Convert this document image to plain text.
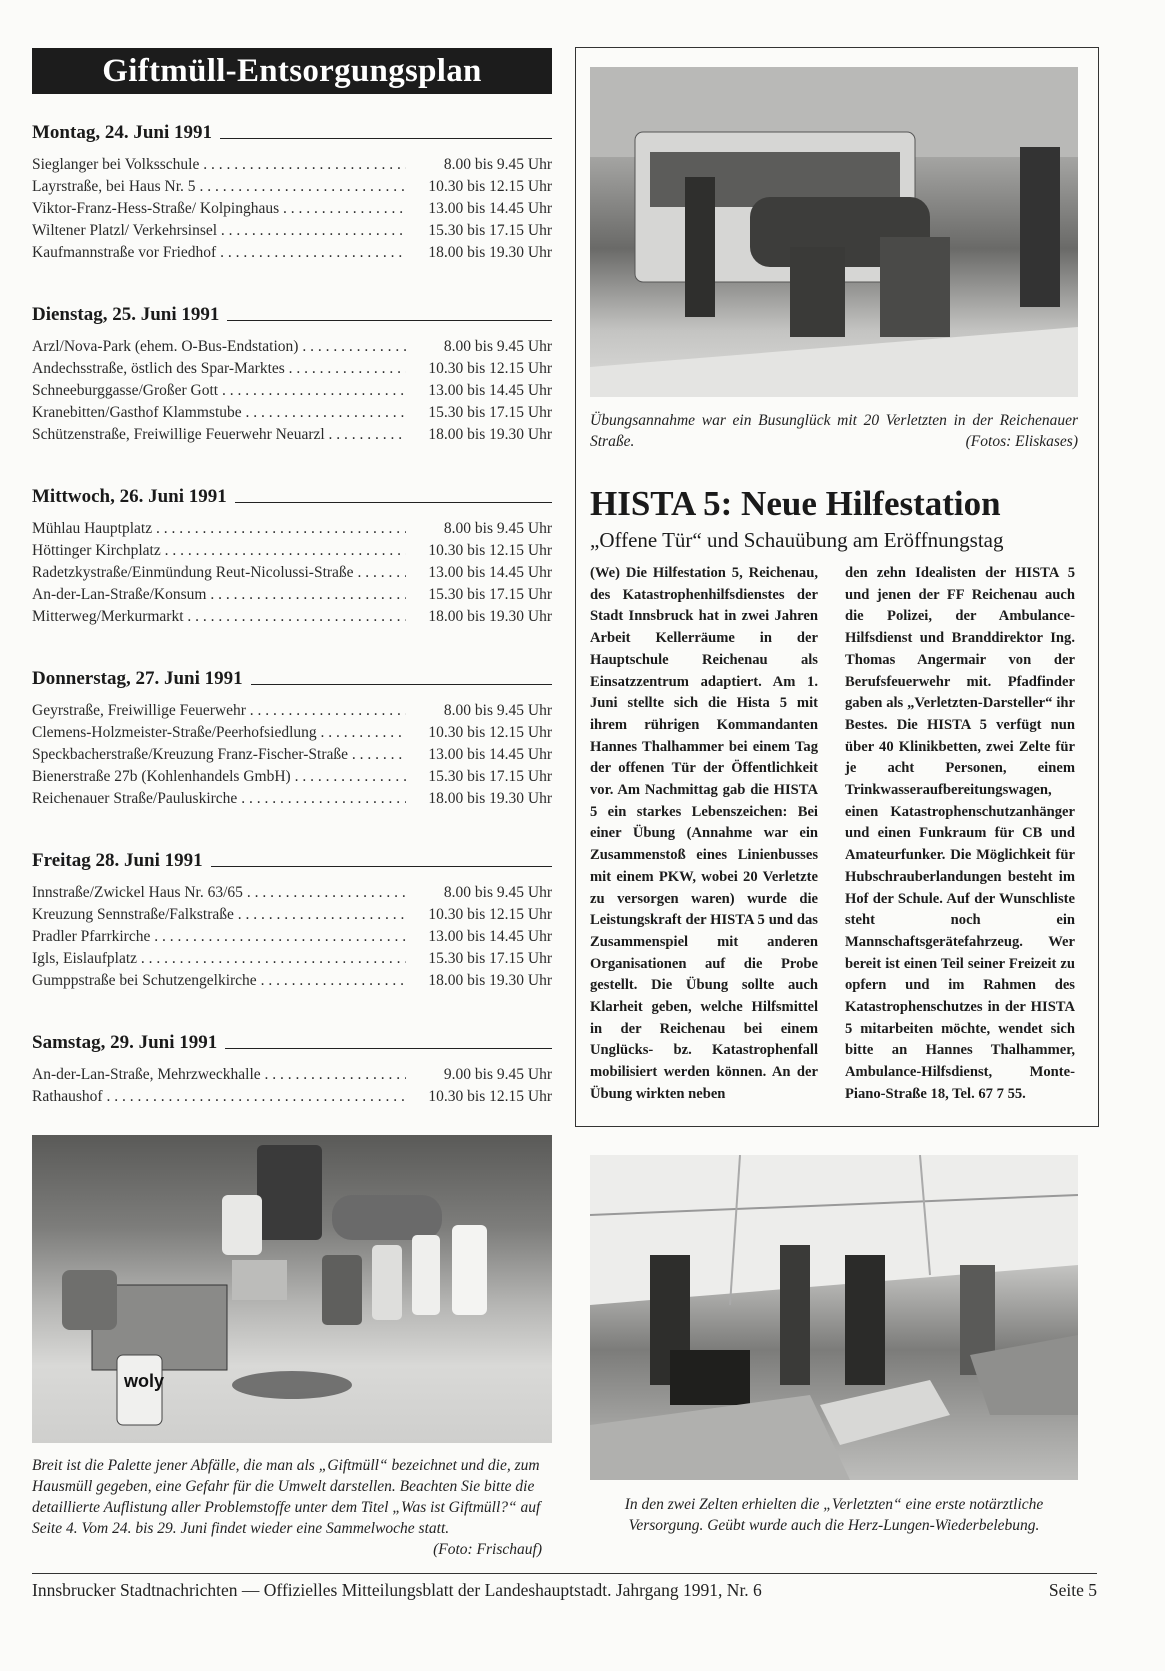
Giftmüll-Entsorgungsplan
Montag, 24. Juni 1991
Sieglanger bei Volksschule . . .	8.00 bis 9.45 Uhr
Layrstraße, bei Haus Nr. 5 . . .	10.30 bis 12.15 Uhr
Viktor-Franz-Hess-Straße/ Kolpinghaus . . .	13.00 bis 14.45 Uhr
Wiltener Platzl/ Verkehrsinsel . . .	15.30 bis 17.15 Uhr
Kaufmannstraße vor Friedhof . . .	18.00 bis 19.30 Uhr
Dienstag, 25. Juni 1991
Arzl/Nova-Park (ehem. O-Bus-Endstation) . . .	8.00 bis 9.45 Uhr
Andechsstraße, östlich des Spar-Marktes . . .	10.30 bis 12.15 Uhr
Schneeburggasse/Großer Gott . . .	13.00 bis 14.45 Uhr
Kranebitten/Gasthof Klammstube . . .	15.30 bis 17.15 Uhr
Schützenstraße, Freiwillige Feuerwehr Neuarzl . . .	18.00 bis 19.30 Uhr
Mittwoch, 26. Juni 1991
Mühlau Hauptplatz . . .	8.00 bis 9.45 Uhr
Höttinger Kirchplatz . . .	10.30 bis 12.15 Uhr
Radetzkystraße/Einmündung Reut-Nicolussi-Straße . . .	13.00 bis 14.45 Uhr
An-der-Lan-Straße/Konsum . . .	15.30 bis 17.15 Uhr
Mitterweg/Merkurmarkt . . .	18.00 bis 19.30 Uhr
Donnerstag, 27. Juni 1991
Geyrstraße, Freiwillige Feuerwehr . . .	8.00 bis 9.45 Uhr
Clemens-Holzmeister-Straße/Peerhofsiedlung . . .	10.30 bis 12.15 Uhr
Speckbacherstraße/Kreuzung Franz-Fischer-Straße . . .	13.00 bis 14.45 Uhr
Bienerstraße 27b (Kohlenhandels GmbH) . . .	15.30 bis 17.15 Uhr
Reichenauer Straße/Pauluskirche . . .	18.00 bis 19.30 Uhr
Freitag 28. Juni 1991
Innstraße/Zwickel Haus Nr. 63/65 . . .	8.00 bis 9.45 Uhr
Kreuzung Sennstraße/Falkstraße . . .	10.30 bis 12.15 Uhr
Pradler Pfarrkirche . . .	13.00 bis 14.45 Uhr
Igls, Eislaufplatz . . .	15.30 bis 17.15 Uhr
Gumppstraße bei Schutzengelkirche . . .	18.00 bis 19.30 Uhr
Samstag, 29. Juni 1991
An-der-Lan-Straße, Mehrzweckhalle . . .	9.00 bis 9.45 Uhr
Rathaushof . . .	10.30 bis 12.15 Uhr
woly
Breit ist die Palette jener Abfälle, die man als „Giftmüll“ bezeichnet und die, zum Hausmüll gegeben, eine Gefahr für die Umwelt darstellen. Beachten Sie bitte die detaillierte Auflistung aller Problemstoffe unter dem Titel „Was ist Giftmüll?“ auf Seite 4. Vom 24. bis 29. Juni findet wieder eine Sammelwoche statt.
(Foto: Frischauf)
Übungsannahme war ein Busunglück mit 20 Verletzten in der Reichenauer Straße.	(Fotos: Eliskases)
HISTA 5: Neue Hilfestation
„Offene Tür“ und Schauübung am Eröffnungstag
(We) Die Hilfestation 5, Reichenau, des Katastrophenhilfsdienstes der Stadt Innsbruck hat in zwei Jahren Arbeit Kellerräume in der Hauptschule Reichenau als Einsatzzentrum adaptiert. Am 1. Juni stellte sich die Hista 5 mit ihrem rührigen Kommandanten Hannes Thalhammer bei einem Tag der offenen Tür der Öffentlichkeit vor. Am Nachmittag gab die HISTA 5 ein starkes Lebenszeichen: Bei einer Übung (Annahme war ein Zusammenstoß eines Linienbusses mit einem PKW, wobei 20 Verletzte zu versorgen waren) wurde die Leistungskraft der HISTA 5 und das Zusammenspiel mit anderen Organisationen auf die Probe gestellt. Die Übung sollte auch Klarheit geben, welche Hilfsmittel in der Reichenau bei einem Unglücks- bz. Katastrophenfall mobilisiert werden können. An der Übung wirkten neben
den zehn Idealisten der HISTA 5 und jenen der FF Reichenau auch die Polizei, der Ambulance-Hilfsdienst und Branddirektor Ing. Thomas Angermair von der Berufsfeuerwehr mit. Pfadfinder gaben als „Verletzten-Darsteller“ ihr Bestes. Die HISTA 5 verfügt nun über 40 Klinikbetten, zwei Zelte für je acht Personen, einem Trinkwasseraufbereitungswagen, einen Katastrophenschutzanhänger und einen Funkraum für CB und Amateurfunker. Die Möglichkeit für Hubschrauberlandungen besteht im Hof der Schule. Auf der Wunschliste steht noch ein Mannschaftsgerätefahrzeug. Wer bereit ist einen Teil seiner Freizeit zu opfern und im Rahmen des Katastrophenschutzes in der HISTA 5 mitarbeiten möchte, wendet sich bitte an Hannes Thalhammer, Ambulance-Hilfsdienst, Monte-Piano-Straße 18, Tel. 67 7 55.
In den zwei Zelten erhielten die „Verletzten“ eine erste notärztliche Versorgung. Geübt wurde auch die Herz-Lungen-Wiederbelebung.
Innsbrucker Stadtnachrichten — Offizielles Mitteilungsblatt der Landeshauptstadt. Jahrgang 1991, Nr. 6	Seite 5
